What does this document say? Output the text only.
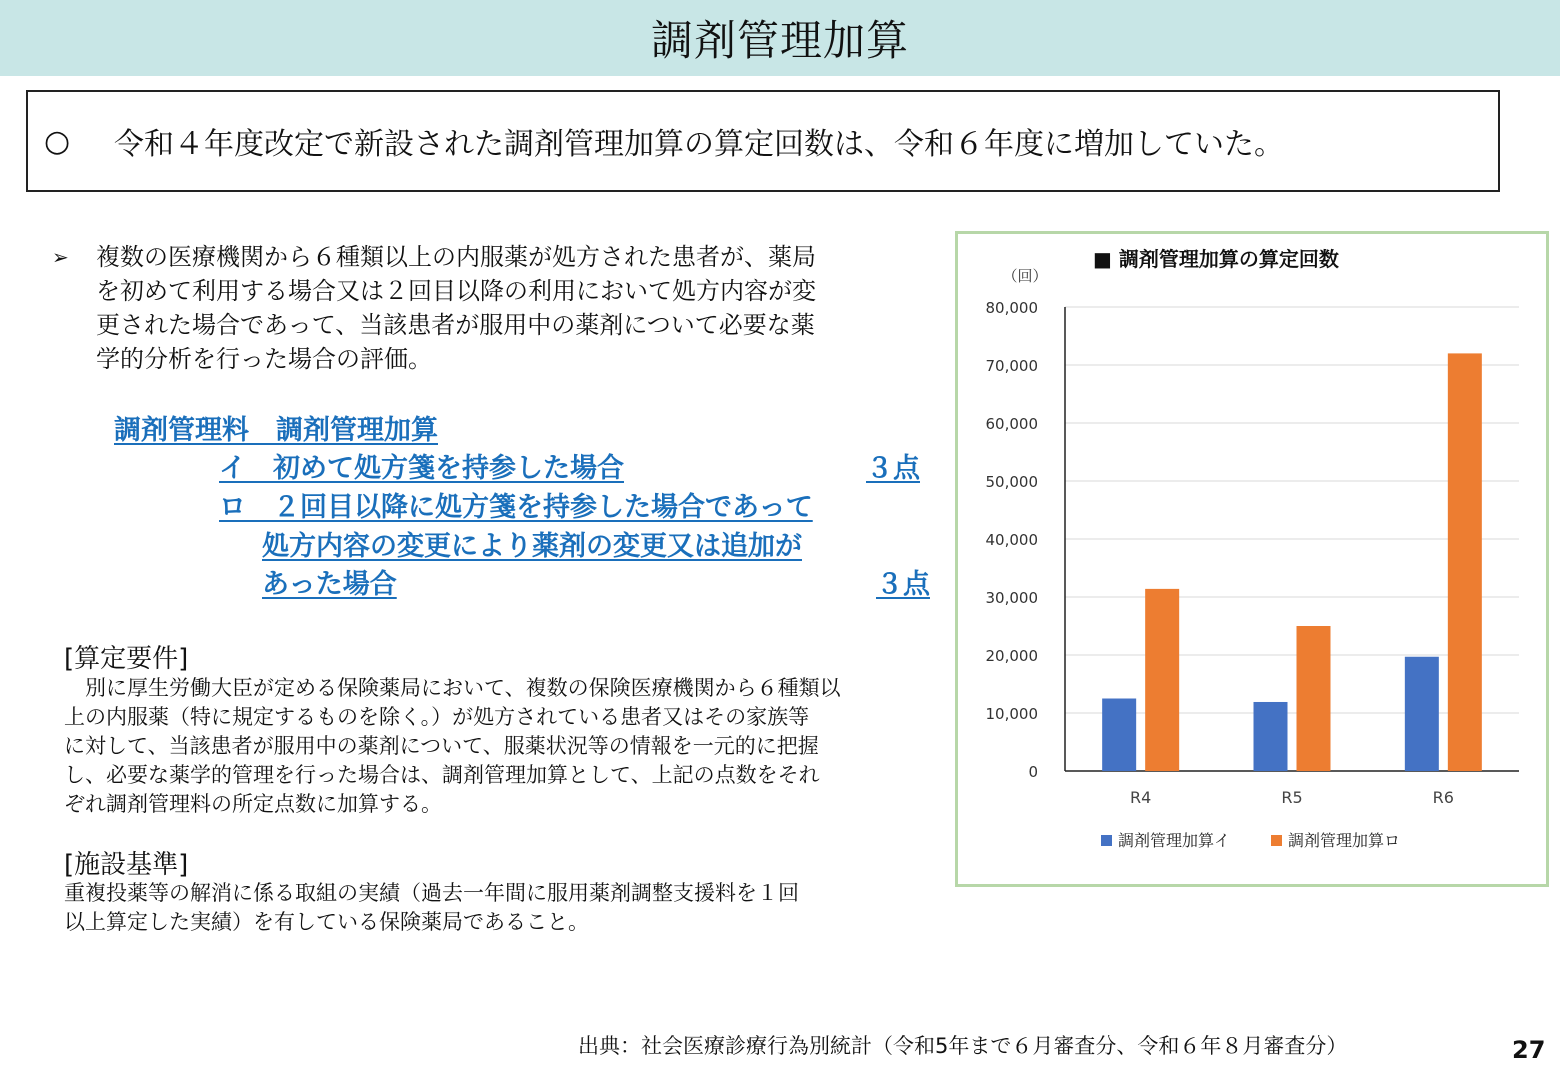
調剤管理加算
○	令和４年度改定で新設された調剤管理加算の算定回数は、令和６年度に増加していた。
➢ 複数の医療機関から６種類以上の内服薬が処方された患者が、薬局
を初めて利用する場合又は２回目以降の利用において処方内容が変
更された場合であって、当該患者が服用中の薬剤について必要な薬
学的分析を行った場合の評価。
調剤管理料　調剤管理加算
イ　初めて処方箋を持参した場合	３点
ロ　２回目以降に処方箋を持参した場合であって
処方内容の変更により薬剤の変更又は追加が
あった場合	３点
[算定要件]
　別に厚生労働大臣が定める保険薬局において、複数の保険医療機関から６種類以
上の内服薬（特に規定するものを除く。）が処方されている患者又はその家族等
に対して、当該患者が服用中の薬剤について、服薬状況等の情報を一元的に把握
し、必要な薬学的管理を行った場合は、調剤管理加算として、上記の点数をそれ
ぞれ調剤管理料の所定点数に加算する。
[施設基準]
重複投薬等の解消に係る取組の実績（過去一年間に服用薬剤調整支援料を１回
以上算定した実績）を有している保険薬局であること。
■ 調剤管理加算の算定回数
（回）
0
10,000
20,000
30,000
40,000
50,000
60,000
70,000
80,000
R4	R5	R6
調剤管理加算イ	調剤管理加算ロ
出典：社会医療診療行為別統計（令和5年まで６月審査分、令和６年８月審査分）	27
